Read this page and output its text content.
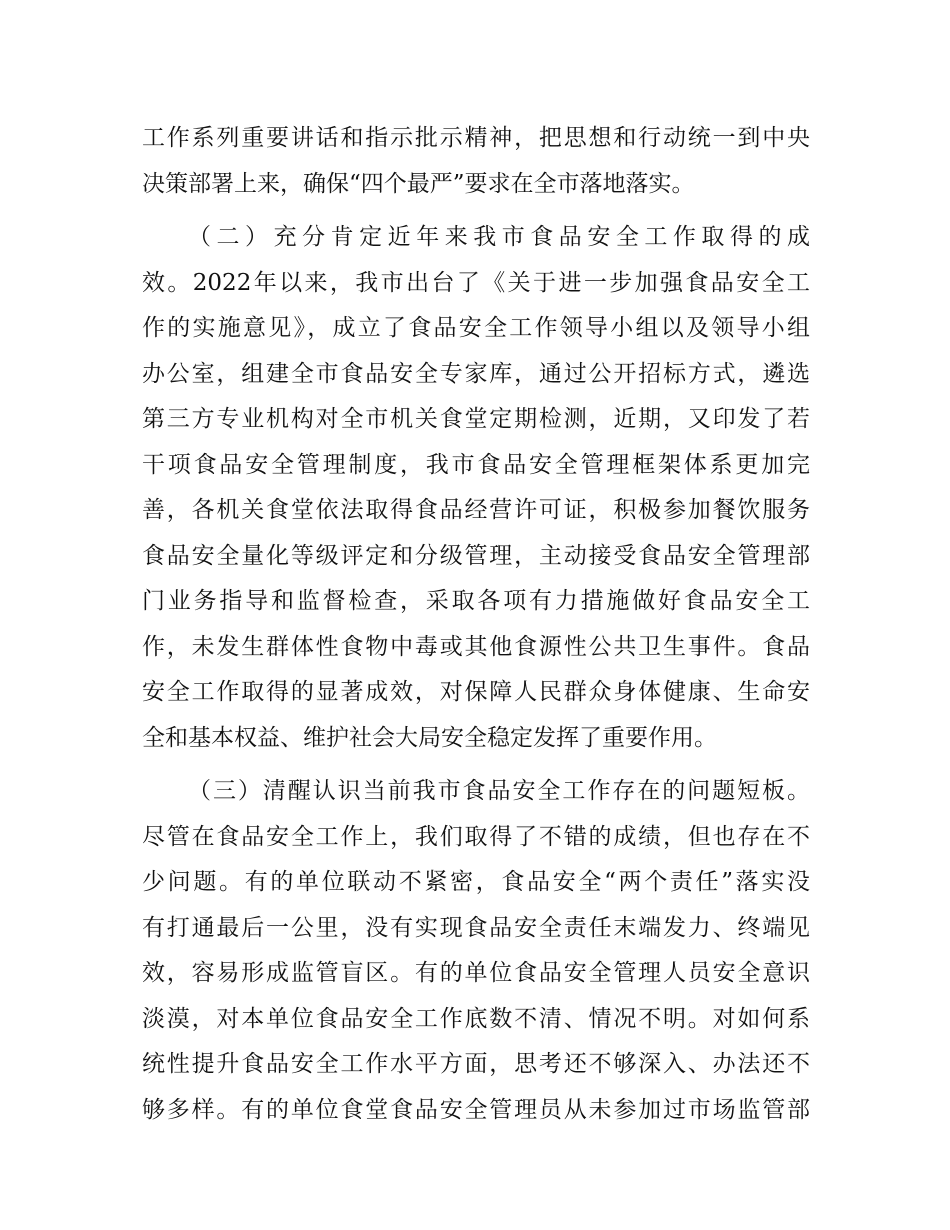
工作系列重要讲话和指示批示精神，把思想和行动统一到中央
决策部署上来，确保“四个最严”要求在全市落地落实。
（二）充分肯定近年来我市食品安全工作取得的成
效。2022年以来，我市出台了《关于进一步加强食品安全工
作的实施意见》，成立了食品安全工作领导小组以及领导小组
办公室，组建全市食品安全专家库，通过公开招标方式，遴选
第三方专业机构对全市机关食堂定期检测，近期，又印发了若
干项食品安全管理制度，我市食品安全管理框架体系更加完
善，各机关食堂依法取得食品经营许可证，积极参加餐饮服务
食品安全量化等级评定和分级管理，主动接受食品安全管理部
门业务指导和监督检查，采取各项有力措施做好食品安全工
作，未发生群体性食物中毒或其他食源性公共卫生事件。食品
安全工作取得的显著成效，对保障人民群众身体健康、生命安
全和基本权益、维护社会大局安全稳定发挥了重要作用。
（三）清醒认识当前我市食品安全工作存在的问题短板。
尽管在食品安全工作上，我们取得了不错的成绩，但也存在不
少问题。有的单位联动不紧密，食品安全“两个责任”落实没
有打通最后一公里，没有实现食品安全责任末端发力、终端见
效，容易形成监管盲区。有的单位食品安全管理人员安全意识
淡漠，对本单位食品安全工作底数不清、情况不明。对如何系
统性提升食品安全工作水平方面，思考还不够深入、办法还不
够多样。有的单位食堂食品安全管理员从未参加过市场监管部
